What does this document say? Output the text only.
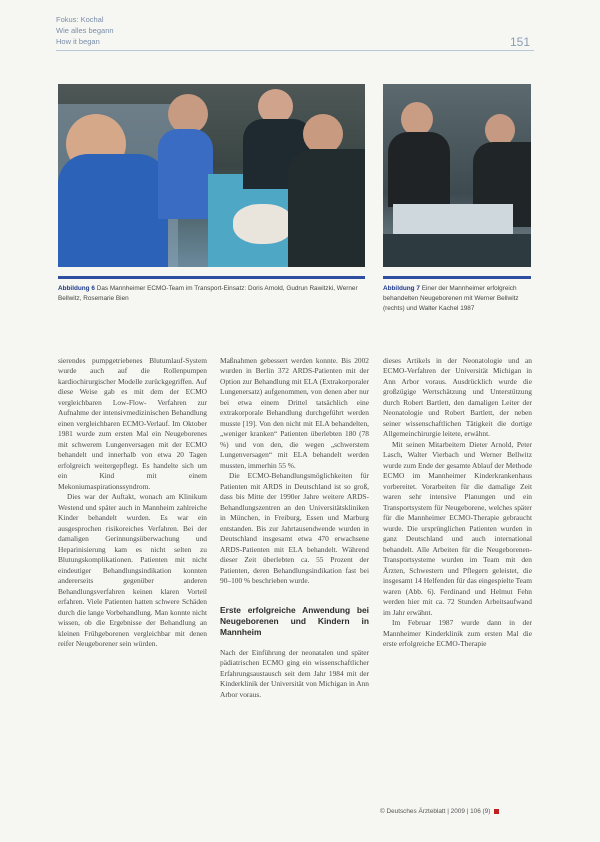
Fokus: Kochal
Wie alles begann
How it began	151
Abbildung 6 Das Mannheimer ECMO-Team im Transport-Einsatz: Doris Arnold, Gudrun Rawitzki, Werner Bellwitz, Rosemarie Bien
Abbildung 7 Einer der Mannheimer erfolgreich behandelten Neugeborenen mit Werner Bellwitz (rechts) und Walter Kachel 1987

sierendes pumpgetriebenes Blutumlauf-System wurde auch auf die Rollenpumpen kardiochirurgischer Modelle zurückgegriffen. Auf diese Weise gab es mit dem der ECMO vergleichbaren Low-Flow- Verfahren zur Aufnahme der intensivmedizinischen Behandlung einen vergleichbaren ECMO-Verlauf. Im Oktober 1981 wurde zum ersten Mal ein Neugeborenes mit schwerem Lungenversagen mit der ECMO behandelt und innerhalb von etwa 20 Tagen erfolgreich weitergepflegt. Es handelte sich um ein Kind mit einem Mekoniumaspirationssyndrom.

Dies war der Auftakt, wonach am Klinikum Westend und später auch in Mannheim zahlreiche Kinder behandelt wurden. Es war ein ausgesprochen risikoreiches Verfahren. Bei der damaligen Gerinnungsüberwachung und Heparinisierung kam es nicht selten zu Blutungskomplikationen. Patienten mit nicht eindeutiger Behandlungsindikation konnten andererseits gegenüber anderen Behandlungsverfahren keinen klaren Vorteil erfahren. Viele Patienten hatten schwere Schäden durch die lange Vorbehandlung. Man konnte nicht wissen, ob die Ergebnisse der Behandlung an kleinen Frühgeborenen vergleichbar mit denen reifer Neugeborener sein würden.

Maßnahmen gebessert werden konnte. Bis 2002 wurden in Berlin 372 ARDS-Patienten mit der Option zur Behandlung mit ELA (Extrakorporaler Lungenersatz) aufgenommen, von denen aber nur bei etwa einem Drittel tatsächlich eine extrakorporale Behandlung durchgeführt werden musste [19]. Von den nicht mit ELA behandelten, „weniger kranken“ Patienten überlebten 180 (78 %) und von den, die wegen „schwerstem Lungenversagen“ mit ELA behandelt werden mussten, immerhin 55 %.

Die ECMO-Behandlungsmöglichkeiten für Patienten mit ARDS in Deutschland ist so groß, dass bis Mitte der 1990er Jahre weitere ARDS-Behandlungszentren an den Universitätskliniken in München, in Freiburg, Essen und Marburg entstanden. Bis zur Jahrtausendwende wurden in Deutschland insgesamt etwa 470 erwachsene ARDS-Patienten mit ELA behandelt. Während dieser Zeit überlebten ca. 55 Prozent der Patienten, deren Behandlungsindikation fast bei 90–100 % beschrieben wurde.

Erste erfolgreiche Anwendung bei Neugeborenen und Kindern in Mannheim

Nach der Einführung der neonatalen und später pädiatrischen ECMO ging ein wissenschaftlicher Erfahrungsaustausch seit dem Jahr 1984 mit der Kinderklinik der Universität von Michigan in Ann Arbor voraus.

dieses Artikels in der Neonatologie und an ECMO-Verfahren der Universität Michigan in Ann Arbor voraus. Ausdrücklich wurde die großzügige Wertschätzung und Unterstützung durch Robert Bartlett, den damaligen Leiter der Neonatologie und Robert Bartlett, der neben seiner wissenschaftlichen Tätigkeit die dortige Allgemeinchirurgie leitete, erwähnt.

Mit seinen Mitarbeitern Dieter Arnold, Peter Lasch, Walter Vierbach und Werner Bellwitz wurde zum Ende der gesamte Ablauf der Methode ECMO im Mannheimer Kinderkrankenhaus vorbereitet. Vorarbeiten für die damalige Zeit waren sehr intensive Planungen und ein Transportsystem für Neugeborene, welches später für die Mannheimer ECMO-Therapie gebraucht wurde. Die ursprünglichen Patienten wurden in ganz Deutschland und auch international behandelt. Alle Arbeiten für die Neugeborenen-Transportsysteme wurden im Team mit den Ärzten, Schwestern und Pflegern geleistet, die insgesamt 14 Helfenden für das eingespielte Team waren (Abb. 6). Ferdinand und Helmut Fehn werden hier mit ca. 72 Stunden Arbeitsaufwand im Jahr erwähnt.

Im Februar 1987 wurde dann in der Mannheimer Kinderklinik zum ersten Mal die erste erfolgreiche ECMO-Therapie

© Deutsches Ärzteblatt | 2009 | 106 (9)
